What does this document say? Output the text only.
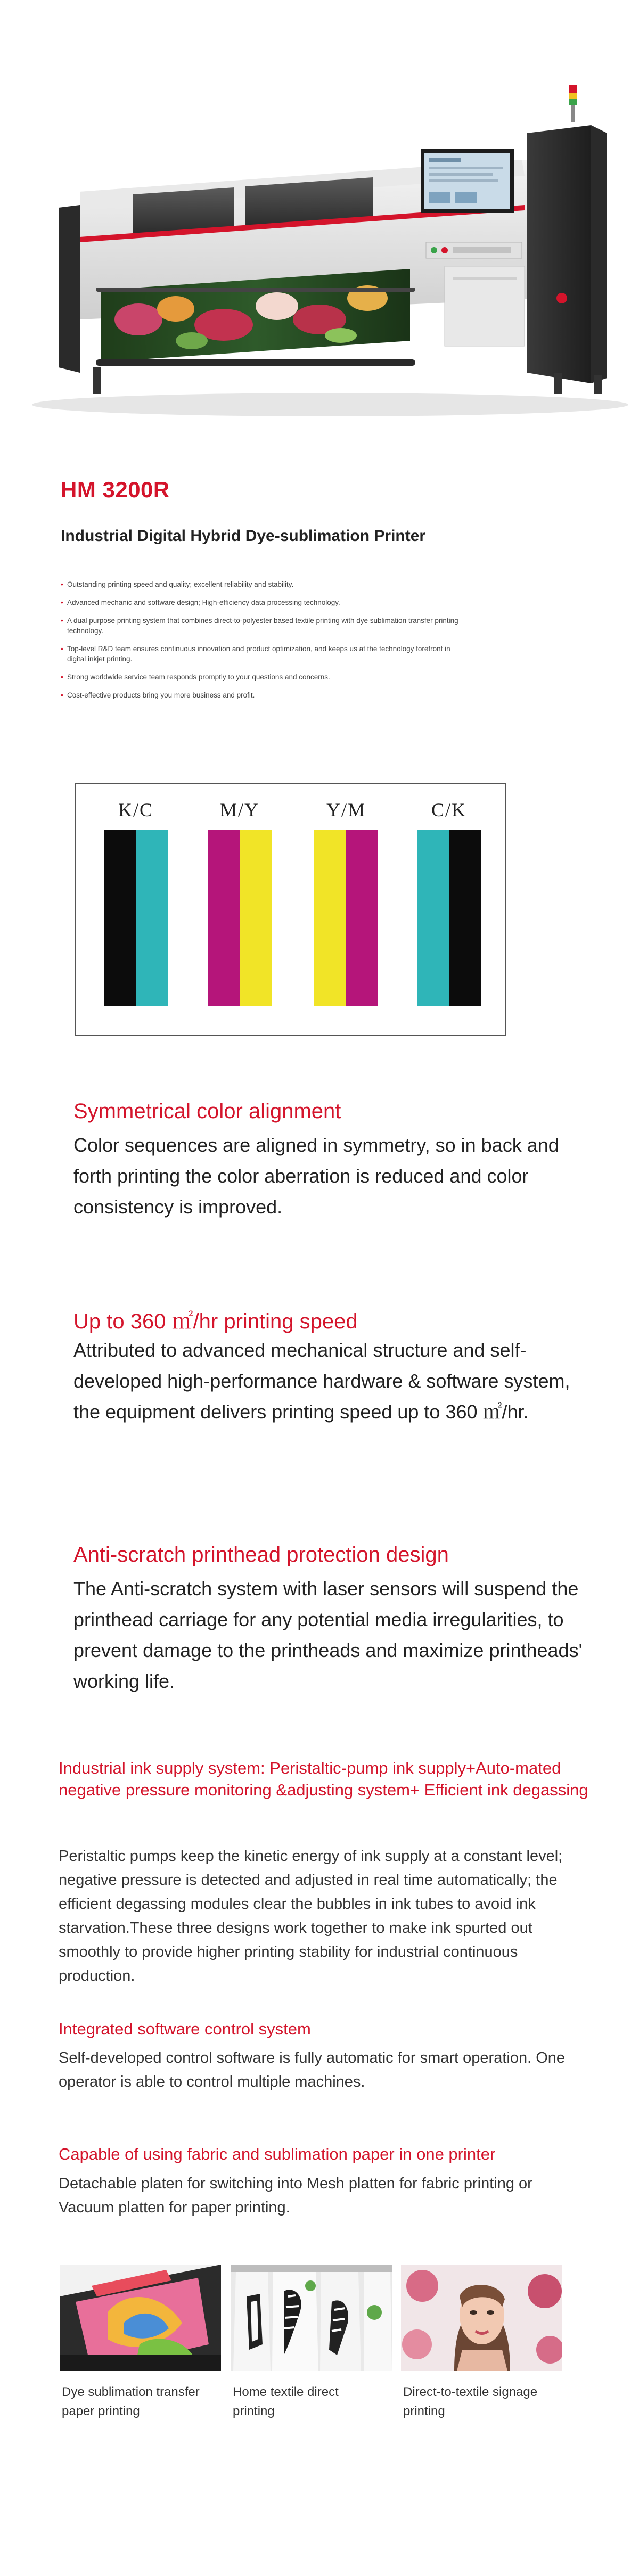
HM 3200R
Industrial Digital Hybrid Dye-sublimation Printer
• Outstanding printing speed and quality; excellent reliability and stability.
• Advanced mechanic and software design; High-efficiency data processing technology.
• A dual purpose printing system that combines direct-to-polyester based textile printing with dye sublimation transfer printing technology.
• Top-level R&D team ensures continuous innovation and product optimization, and keeps us at the technology forefront in digital inkjet printing.
• Strong worldwide service team responds promptly to your questions and concerns.
• Cost-effective products bring you more business and profit.
K/C	M/Y	Y/M	C/K
Symmetrical color alignment
Color sequences are aligned in symmetry, so in back and forth printing the color aberration is reduced and color consistency is improved.
Up to 360 ㎡/hr printing speed
Attributed to advanced mechanical structure and self-developed high-performance hardware & software system, the equipment delivers printing speed up to 360 ㎡/hr.
Anti-scratch printhead protection design
The Anti-scratch system with laser sensors will suspend the printhead carriage for any potential media irregularities, to prevent damage to the printheads and maximize printheads' working life.
Industrial ink supply system: Peristaltic-pump ink supply+Auto-mated negative pressure monitoring &adjusting system+ Efficient ink degassing
Peristaltic pumps keep the kinetic energy of ink supply at a constant level; negative pressure is detected and adjusted in real time automatically; the efficient degassing modules clear the bubbles in ink tubes to avoid ink starvation.These three designs work together to make ink spurted out smoothly to provide higher printing stability for industrial continuous production.
Integrated software control system
Self-developed control software is fully automatic for smart operation. One operator is able to control multiple machines.
Capable of using fabric and sublimation paper in one printer
Detachable platen for switching into Mesh platten for fabric printing or Vacuum platten for paper printing.
Dye sublimation transfer paper printing
Home textile direct printing
Direct-to-textile signage printing
